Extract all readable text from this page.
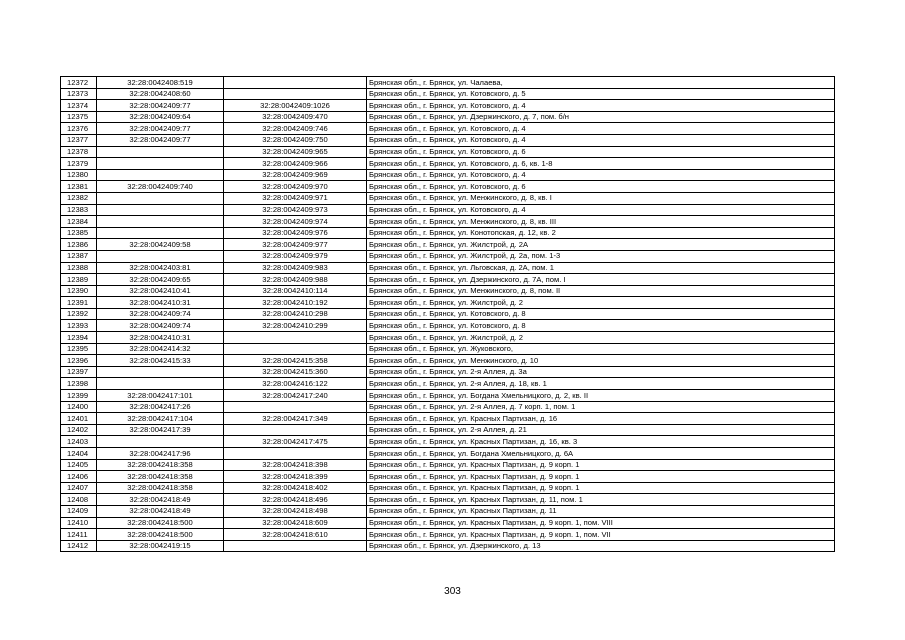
12372	32:28:0042408:519		Брянская обл., г. Брянск, ул. Чалаева,
12373	32:28:0042408:60		Брянская обл., г. Брянск, ул. Котовского, д. 5
12374	32:28:0042409:77	32:28:0042409:1026	Брянская обл., г. Брянск, ул. Котовского, д. 4
12375	32:28:0042409:64	32:28:0042409:470	Брянская обл., г. Брянск, ул. Дзержинского, д. 7, пом. б/н
12376	32:28:0042409:77	32:28:0042409:746	Брянская обл., г. Брянск, ул. Котовского, д. 4
12377	32:28:0042409:77	32:28:0042409:750	Брянская обл., г. Брянск, ул. Котовского, д. 4
12378		32:28:0042409:965	Брянская обл., г. Брянск, ул. Котовского, д. 6
12379		32:28:0042409:966	Брянская обл., г. Брянск, ул. Котовского, д. 6, кв. 1-8
12380		32:28:0042409:969	Брянская обл., г. Брянск, ул. Котовского, д. 4
12381	32:28:0042409:740	32:28:0042409:970	Брянская обл., г. Брянск, ул. Котовского, д. 6
12382		32:28:0042409:971	Брянская обл., г. Брянск, ул. Менжинского, д. 8, кв. I
12383		32:28:0042409:973	Брянская обл., г. Брянск, ул. Котовского, д. 4
12384		32:28:0042409:974	Брянская обл., г. Брянск, ул. Менжинского, д. 8, кв. III
12385		32:28:0042409:976	Брянская обл., г. Брянск, ул. Конотопская, д. 12, кв. 2
12386	32:28:0042409:58	32:28:0042409:977	Брянская обл., г. Брянск, ул. Жилстрой, д. 2А
12387		32:28:0042409:979	Брянская обл., г. Брянск, ул. Жилстрой, д. 2а, пом. 1-3
12388	32:28:0042403:81	32:28:0042409:983	Брянская обл., г. Брянск, ул. Льговская, д. 2А, пом. 1
12389	32:28:0042409:65	32:28:0042409:988	Брянская обл., г. Брянск, ул. Дзержинского, д. 7А, пом. I
12390	32:28:0042410:41	32:28:0042410:114	Брянская обл., г. Брянск, ул. Менжинского, д. 8, пом. II
12391	32:28:0042410:31	32:28:0042410:192	Брянская обл., г. Брянск, ул. Жилстрой, д. 2
12392	32:28:0042409:74	32:28:0042410:298	Брянская обл., г. Брянск, ул. Котовского, д. 8
12393	32:28:0042409:74	32:28:0042410:299	Брянская обл., г. Брянск, ул. Котовского, д. 8
12394	32:28:0042410:31		Брянская обл., г. Брянск, ул. Жилстрой, д. 2
12395	32:28:0042414:32		Брянская обл., г. Брянск, ул. Жуковского,
12396	32:28:0042415:33	32:28:0042415:358	Брянская обл., г. Брянск, ул. Менжинского, д. 10
12397		32:28:0042415:360	Брянская обл., г. Брянск, ул. 2-я Аллея, д. 3а
12398		32:28:0042416:122	Брянская обл., г. Брянск, ул. 2-я Аллея, д. 18, кв. 1
12399	32:28:0042417:101	32:28:0042417:240	Брянская обл., г. Брянск, ул. Богдана Хмельницкого, д. 2, кв. II
12400	32:28:0042417:26		Брянская обл., г. Брянск, ул. 2-я Аллея, д. 7 корп. 1, пом. 1
12401	32:28:0042417:104	32:28:0042417:349	Брянская обл., г. Брянск, ул. Красных Партизан, д. 16
12402	32:28:0042417:39		Брянская обл., г. Брянск, ул. 2-я Аллея, д. 21
12403		32:28:0042417:475	Брянская обл., г. Брянск, ул. Красных Партизан, д. 16, кв. 3
12404	32:28:0042417:96		Брянская обл., г. Брянск, ул. Богдана Хмельницкого, д. 6А
12405	32:28:0042418:358	32:28:0042418:398	Брянская обл., г. Брянск, ул. Красных Партизан, д. 9 корп. 1
12406	32:28:0042418:358	32:28:0042418:399	Брянская обл., г. Брянск, ул. Красных Партизан, д. 9 корп. 1
12407	32:28:0042418:358	32:28:0042418:402	Брянская обл., г. Брянск, ул. Красных Партизан, д. 9 корп. 1
12408	32:28:0042418:49	32:28:0042418:496	Брянская обл., г. Брянск, ул. Красных Партизан, д. 11, пом. 1
12409	32:28:0042418:49	32:28:0042418:498	Брянская обл., г. Брянск, ул. Красных Партизан, д. 11
12410	32:28:0042418:500	32:28:0042418:609	Брянская обл., г. Брянск, ул. Красных Партизан, д. 9 корп. 1, пом. VIII
12411	32:28:0042418:500	32:28:0042418:610	Брянская обл., г. Брянск, ул. Красных Партизан, д. 9 корп. 1, пом. VII
12412	32:28:0042419:15		Брянская обл., г. Брянск, ул. Дзержинского, д. 13
303
